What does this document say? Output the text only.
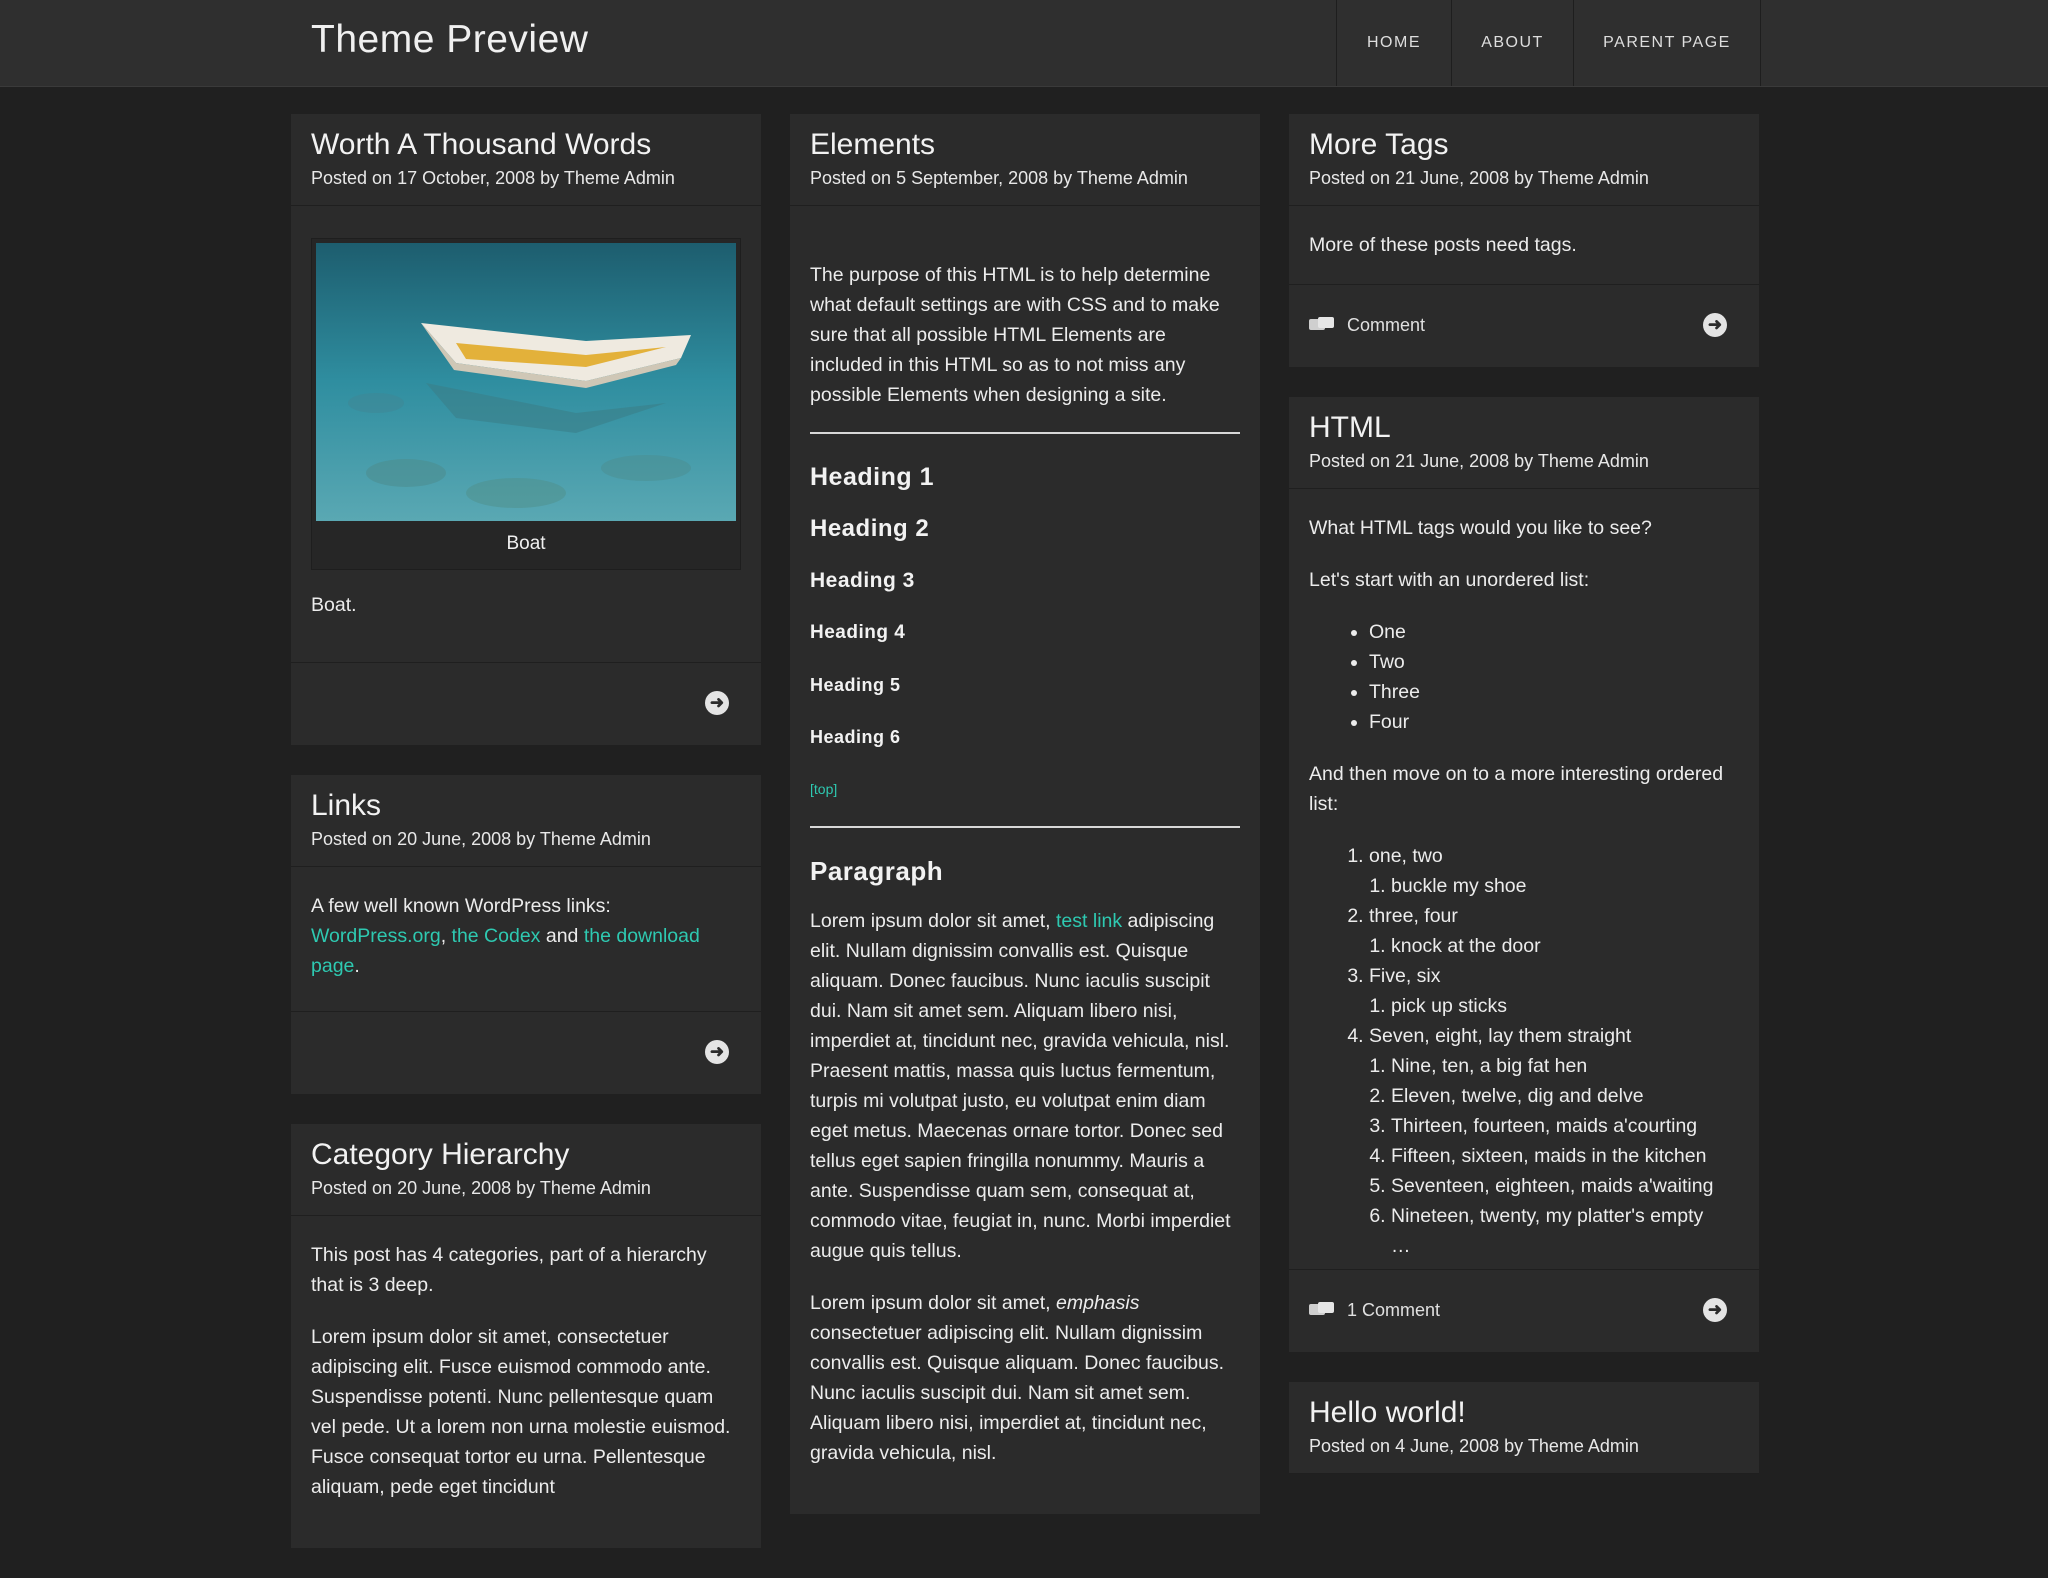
Theme Preview	HOME	ABOUT	PARENT PAGE
Worth A Thousand Words
Posted on 17 October, 2008 by Theme Admin
Boat

Boat.

➜
Links
Posted on 20 June, 2008 by Theme Admin

A few well known WordPress links:
WordPress.org, the Codex and the download page.

➜
Category Hierarchy
Posted on 20 June, 2008 by Theme Admin

This post has 4 categories, part of a hierarchy that is 3 deep.

Lorem ipsum dolor sit amet, consectetuer adipiscing elit. Fusce euismod commodo ante. Suspendisse potenti. Nunc pellentesque quam vel pede. Ut a lorem non urna molestie euismod. Fusce consequat tortor eu urna. Pellentesque aliquam, pede eget tincidunt

Elements
Posted on 5 September, 2008 by Theme Admin

The purpose of this HTML is to help determine what default settings are with CSS and to make sure that all possible HTML Elements are included in this HTML so as to not miss any possible Elements when designing a site.

Heading 1
Heading 2
Heading 3
Heading 4
Heading 5
Heading 6
[top]
Paragraph

Lorem ipsum dolor sit amet, test link adipiscing elit. Nullam dignissim convallis est. Quisque aliquam. Donec faucibus. Nunc iaculis suscipit dui. Nam sit amet sem. Aliquam libero nisi, imperdiet at, tincidunt nec, gravida vehicula, nisl. Praesent mattis, massa quis luctus fermentum, turpis mi volutpat justo, eu volutpat enim diam eget metus. Maecenas ornare tortor. Donec sed tellus eget sapien fringilla nonummy. Mauris a ante. Suspendisse quam sem, consequat at, commodo vitae, feugiat in, nunc. Morbi imperdiet augue quis tellus.

Lorem ipsum dolor sit amet, emphasis consectetuer adipiscing elit. Nullam dignissim convallis est. Quisque aliquam. Donec faucibus. Nunc iaculis suscipit dui. Nam sit amet sem. Aliquam libero nisi, imperdiet at, tincidunt nec, gravida vehicula, nisl.

More Tags
Posted on 21 June, 2008 by Theme Admin

More of these posts need tags.

Comment	➜
HTML
Posted on 21 June, 2008 by Theme Admin

What HTML tags would you like to see?

Let's start with an unordered list:

• One
• Two
• Three
• Four

And then move on to a more interesting ordered list:

1. one, two
1. buckle my shoe
2. three, four
1. knock at the door
3. Five, six
1. pick up sticks
4. Seven, eight, lay them straight
1. Nine, ten, a big fat hen
2. Eleven, twelve, dig and delve
3. Thirteen, fourteen, maids a'courting
4. Fifteen, sixteen, maids in the kitchen
5. Seventeen, eighteen, maids a'waiting
6. Nineteen, twenty, my platter's empty
…
1 Comment	➜
Hello world!
Posted on 4 June, 2008 by Theme Admin
